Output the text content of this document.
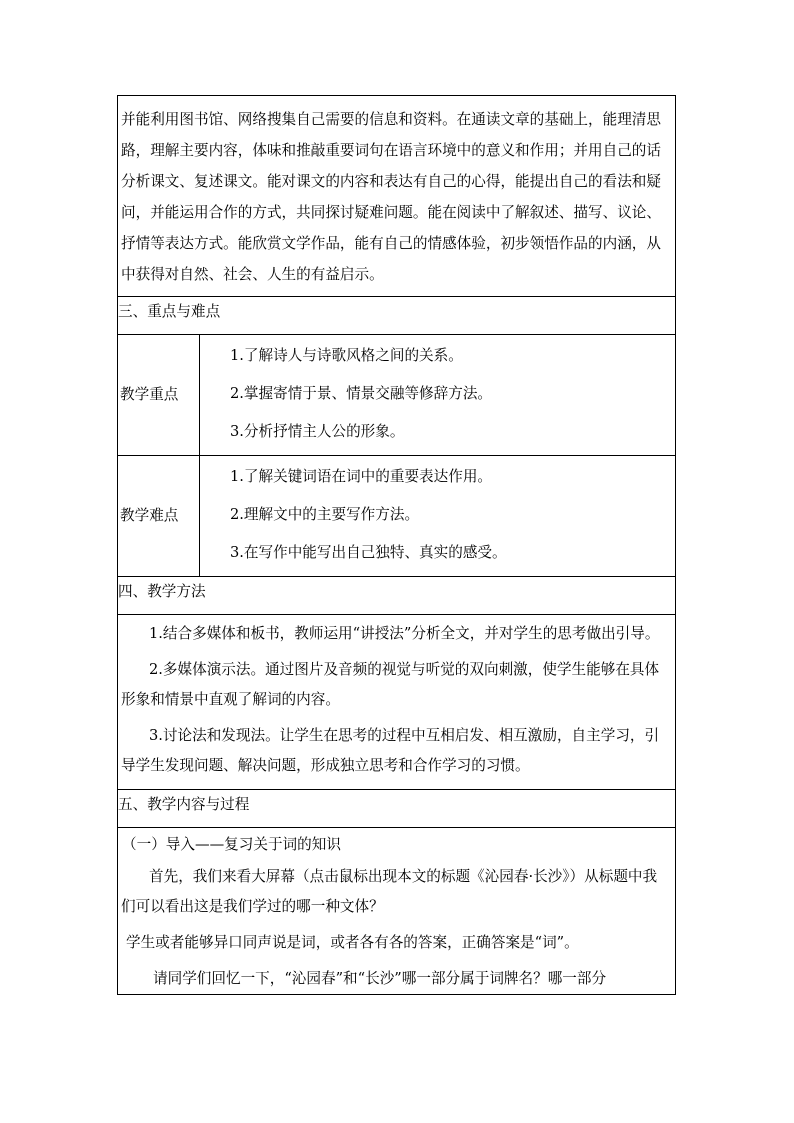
并能利用图书馆、网络搜集自己需要的信息和资料。在通读文章的基础上，能理清思路，理解主要内容，体味和推敲重要词句在语言环境中的意义和作用；并用自己的话分析课文、复述课文。能对课文的内容和表达有自己的心得，能提出自己的看法和疑问，并能运用合作的方式，共同探讨疑难问题。能在阅读中了解叙述、描写、议论、抒情等表达方式。能欣赏文学作品，能有自己的情感体验，初步领悟作品的内涵，从中获得对自然、社会、人生的有益启示。	

三、重点与难点	
教学重点	1.了解诗人与诗歌风格之间的关系。

2.掌握寄情于景、情景交融等修辞方法。

3.分析抒情主人公的形象。

教学难点	1.了解关键词语在词中的重要表达作用。

2.理解文中的主要写作方法。

3.在写作中能写出自己独特、真实的感受。

四、教学方法	

1.结合多媒体和板书，教师运用“讲授法”分析全文，并对学生的思考做出引导。

2.多媒体演示法。通过图片及音频的视觉与听觉的双向刺激，使学生能够在具体形象和情景中直观了解词的内容。

3.讨论法和发现法。让学生在思考的过程中互相启发、相互激励，自主学习，引导学生发现问题、解决问题，形成独立思考和合作学习的习惯。	

五、教学内容与过程	

（一）导入——复习关于词的知识

首先，我们来看大屏幕（点击鼠标出现本文的标题《沁园春·长沙》）从标题中我们可以看出这是我们学过的哪一种文体？

学生或者能够异口同声说是词，或者各有各的答案，正确答案是“词”。

请同学们回忆一下，“沁园春”和“长沙”哪一部分属于词牌名？哪一部分	
